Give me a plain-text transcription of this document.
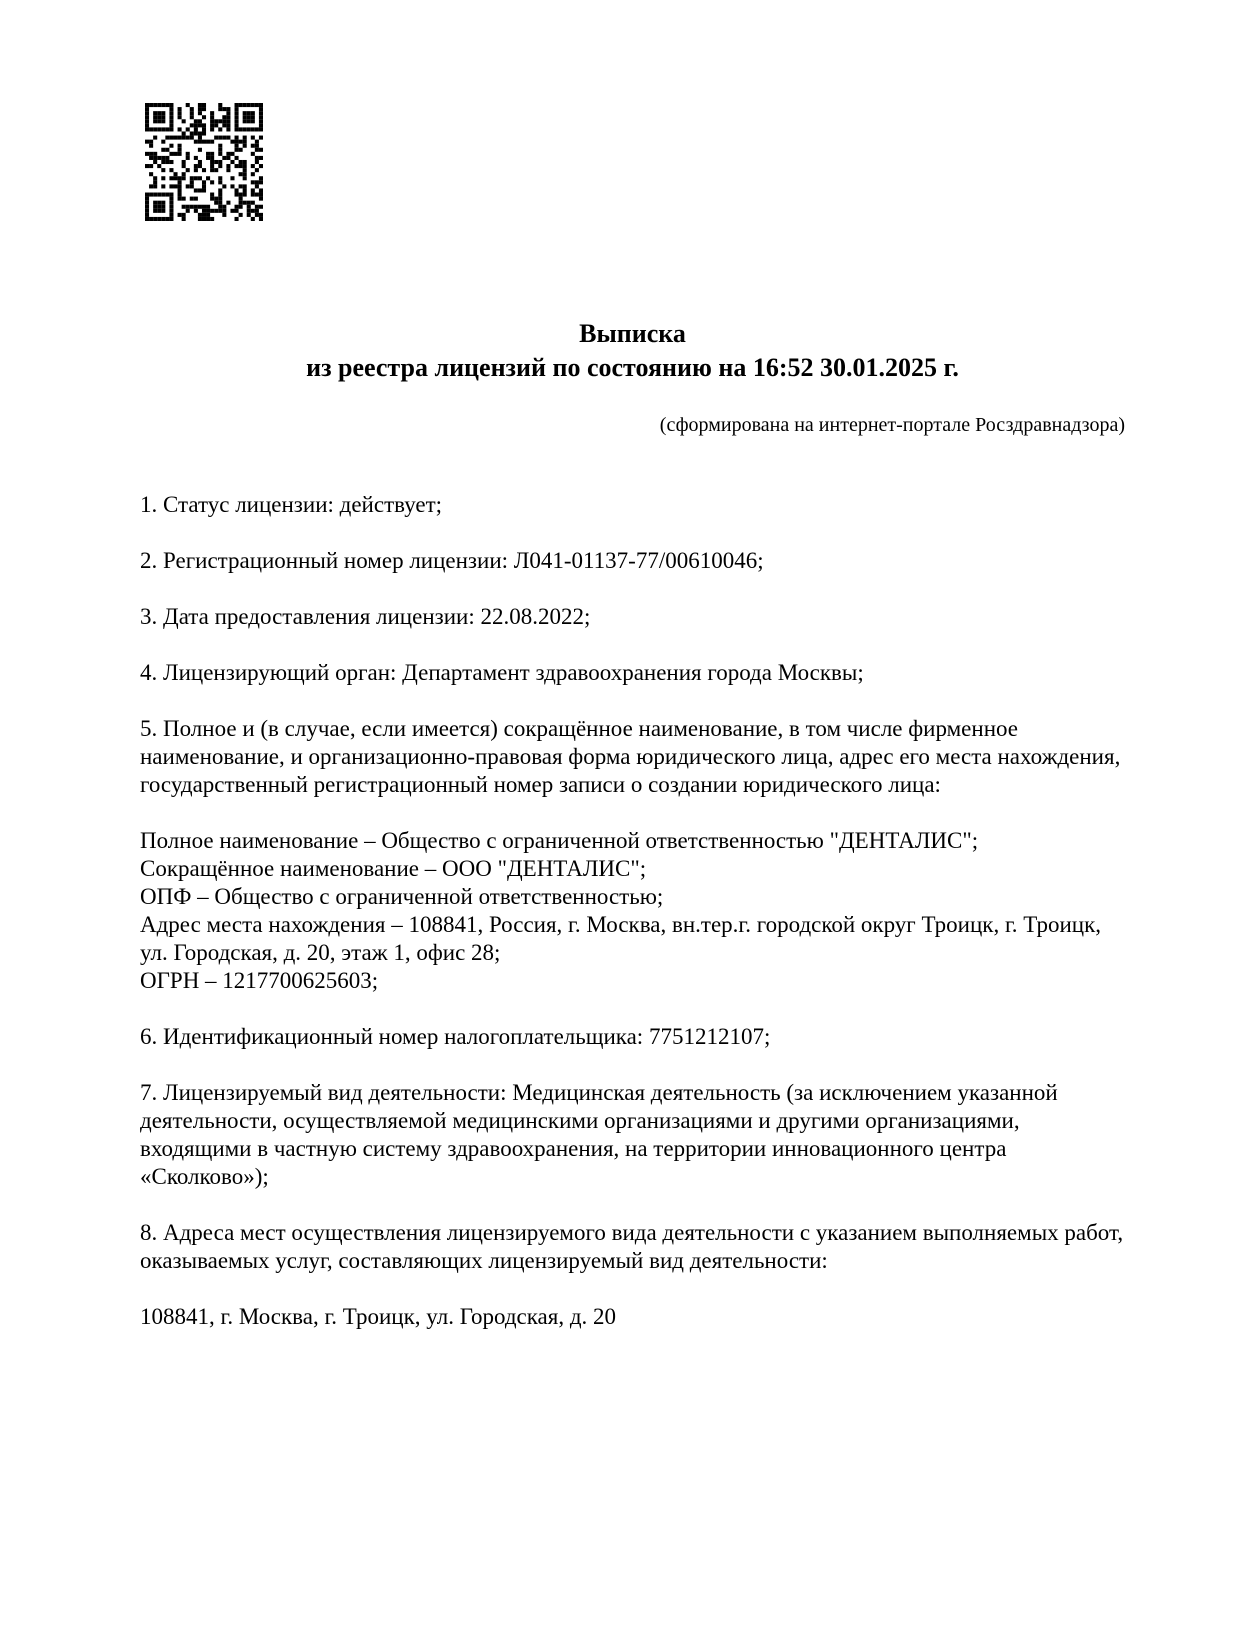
Выписка
из реестра лицензий по состоянию на 16:52 30.01.2025 г.
(сформирована на интернет-портале Росздравнадзора)

1. Статус лицензии: действует;

2. Регистрационный номер лицензии: Л041-01137-77/00610046;

3. Дата предоставления лицензии: 22.08.2022;

4. Лицензирующий орган: Департамент здравоохранения города Москвы;

5. Полное и (в случае, если имеется) сокращённое наименование, в том числе фирменное наименование, и организационно-правовая форма юридического лица, адрес его места нахождения, государственный регистрационный номер записи о создании юридического лица:

Полное наименование – Общество с ограниченной ответственностью "ДЕНТАЛИС";
Сокращённое наименование – ООО "ДЕНТАЛИС";
ОПФ – Общество с ограниченной ответственностью;
Адрес места нахождения – 108841, Россия, г. Москва, вн.тер.г. городской округ Троицк, г. Троицк, ул. Городская, д. 20, этаж 1, офис 28;
ОГРН – 1217700625603;

6. Идентификационный номер налогоплательщика: 7751212107;

7. Лицензируемый вид деятельности: Медицинская деятельность (за исключением указанной деятельности, осуществляемой медицинскими организациями и другими организациями, входящими в частную систему здравоохранения, на территории инновационного центра «Сколково»);

8. Адреса мест осуществления лицензируемого вида деятельности с указанием выполняемых работ, оказываемых услуг, составляющих лицензируемый вид деятельности:

108841, г. Москва, г. Троицк, ул. Городская, д. 20
